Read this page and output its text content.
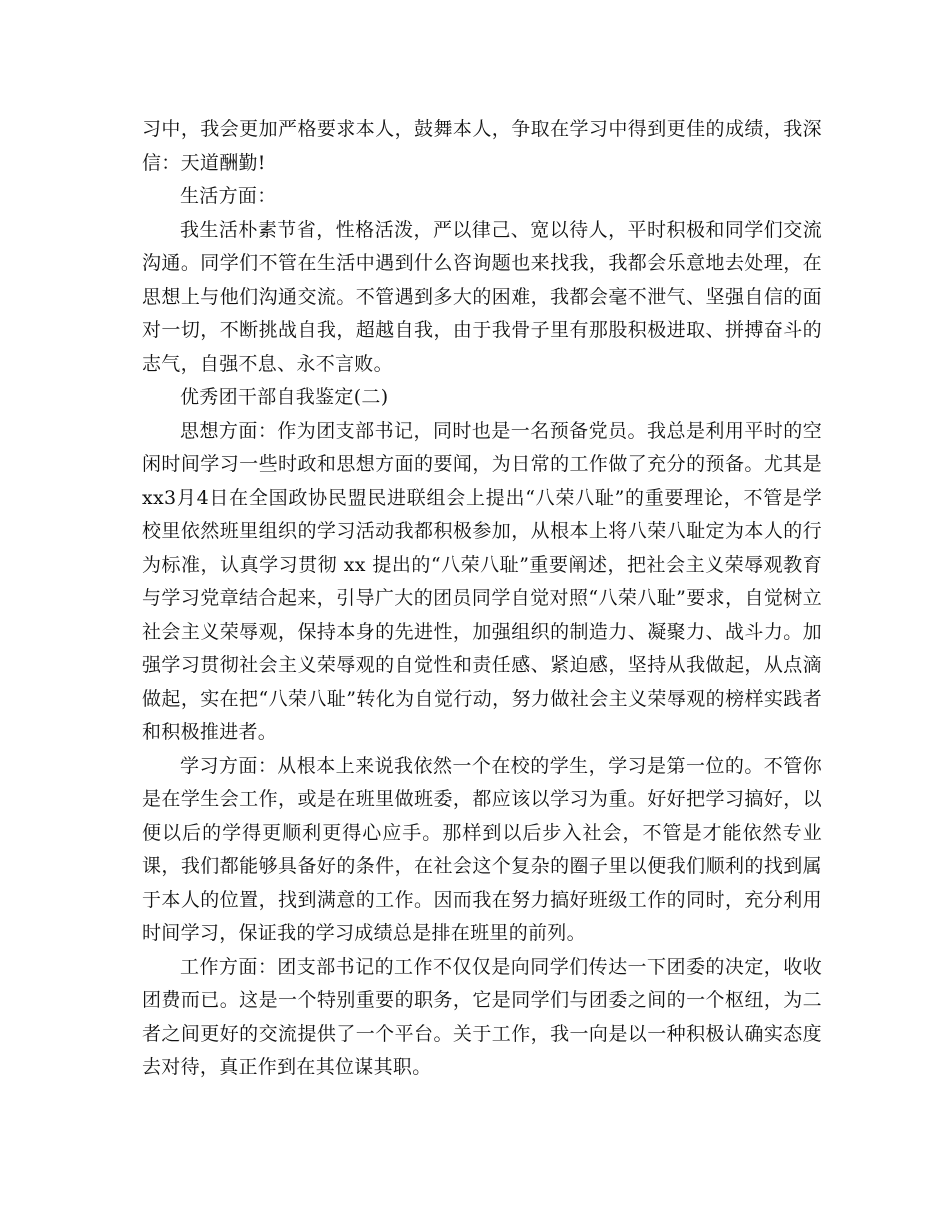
习中，我会更加严格要求本人，鼓舞本人，争取在学习中得到更佳的成绩，我深信：天道酬勤!

生活方面：

我生活朴素节省，性格活泼，严以律己、宽以待人，平时积极和同学们交流沟通。同学们不管在生活中遇到什么咨询题也来找我，我都会乐意地去处理，在思想上与他们沟通交流。不管遇到多大的困难，我都会毫不泄气、坚强自信的面对一切，不断挑战自我，超越自我，由于我骨子里有那股积极进取、拼搏奋斗的志气，自强不息、永不言败。

优秀团干部自我鉴定(二)

思想方面：作为团支部书记，同时也是一名预备党员。我总是利用平时的空闲时间学习一些时政和思想方面的要闻，为日常的工作做了充分的预备。尤其是 xx3月4日在全国政协民盟民进联组会上提出“八荣八耻”的重要理论，不管是学校里依然班里组织的学习活动我都积极参加，从根本上将八荣八耻定为本人的行为标准，认真学习贯彻 xx 提出的“八荣八耻”重要阐述，把社会主义荣辱观教育与学习党章结合起来，引导广大的团员同学自觉对照“八荣八耻”要求，自觉树立社会主义荣辱观，保持本身的先进性，加强组织的制造力、凝聚力、战斗力。加强学习贯彻社会主义荣辱观的自觉性和责任感、紧迫感，坚持从我做起，从点滴做起，实在把“八荣八耻”转化为自觉行动，努力做社会主义荣辱观的榜样实践者和积极推进者。

学习方面：从根本上来说我依然一个在校的学生，学习是第一位的。不管你是在学生会工作，或是在班里做班委，都应该以学习为重。好好把学习搞好，以便以后的学得更顺利更得心应手。那样到以后步入社会，不管是才能依然专业课，我们都能够具备好的条件，在社会这个复杂的圈子里以便我们顺利的找到属于本人的位置，找到满意的工作。因而我在努力搞好班级工作的同时，充分利用时间学习，保证我的学习成绩总是排在班里的前列。

工作方面：团支部书记的工作不仅仅是向同学们传达一下团委的决定，收收团费而已。这是一个特别重要的职务，它是同学们与团委之间的一个枢纽，为二者之间更好的交流提供了一个平台。关于工作，我一向是以一种积极认确实态度去对待，真正作到在其位谋其职。
